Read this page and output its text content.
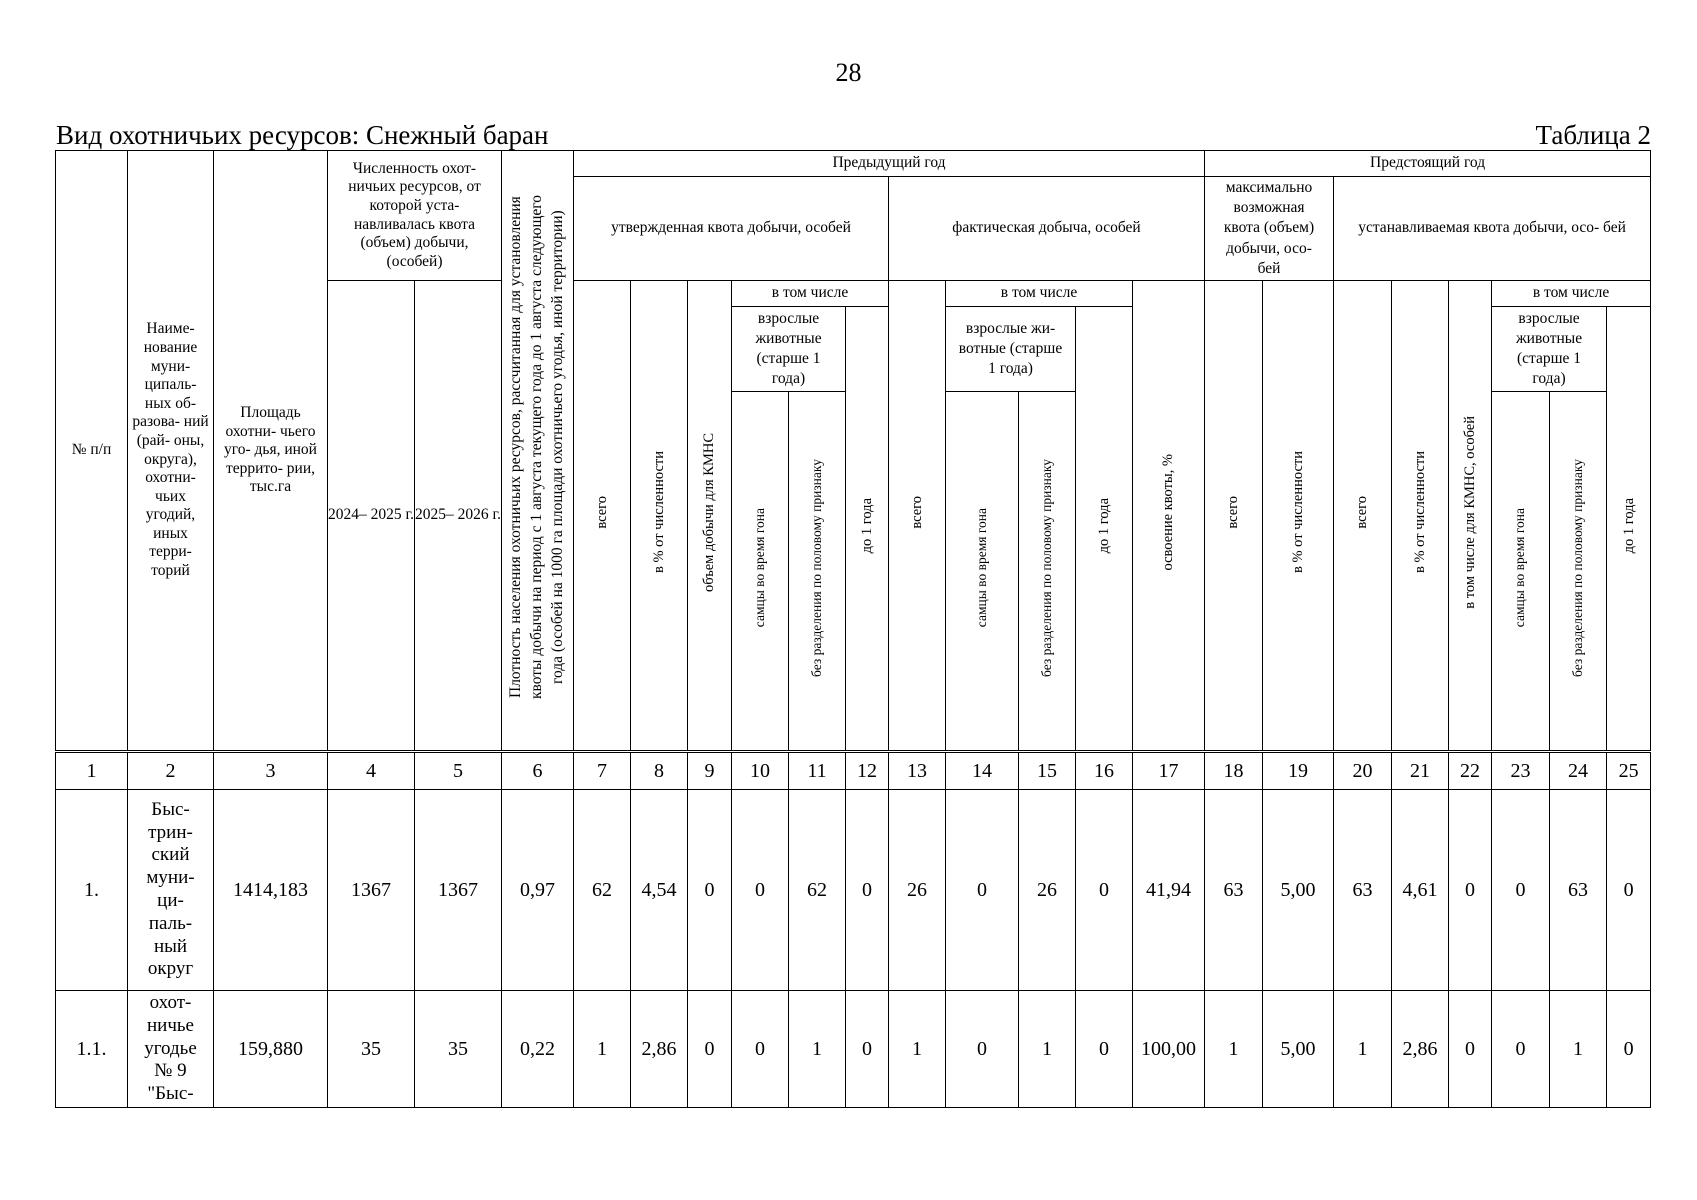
28
Вид охотничьих ресурсов: Снежный баран	Таблица 2
№ п/п	Наиме- нование муни- ципаль- ных об- разова- ний (рай- оны, округа), охотни- чьих угодий, иных терри- торий	Площадь охотни- чьего уго- дья, иной террито- рии, тыс.га	Численность охот- ничьих ресурсов, от которой уста- навливалась квота (объем) добычи, (особей)		Плотность населения охотничьих ресурсов, рассчитанная для установления квоты добычи на период с 1 августа текущего года до 1 августа следующего года (особей на 1000 га площади охотничьего угодья, иной территории)	Предыдущий год											Предстоящий год							
						утвержденная квота добычи, особей						фактическая добыча, особей					максимально возможная квота (объем) добычи, осо- бей		устанавливаемая квота добычи, осо- бей					
			2024– 2025 г.	2025– 2026 г.		всего	в % от численности	объем добычи для КМНС	в том числе			всего	в том числе			освоение квоты, %	всего	в % от численности	всего	в % от численности	в том числе для КМНС, особей	в том числе		
									взрослые животные (старше 1 года)		до 1 года		взрослые жи- вотные (старше 1 года)		до 1 года							взрослые животные (старше 1 года)		до 1 года
									самцы во время гона	без разделения по половому признаку			самцы во время гона	без разделения по половому признаку								самцы во время гона	без разделения по половому признаку	

1	2	3	4	5	6	7	8	9	10	11	12	13	14	15	16	17	18	19	20	21	22	23	24	25
1.	Быс- трин- ский муни- ци- паль- ный округ	1414,183	1367	1367	0,97	62	4,54	0	0	62	0	26	0	26	0	41,94	63	5,00	63	4,61	0	0	63	0
1.1.	охот- ничье угодье № 9 "Быс-	159,880	35	35	0,22	1	2,86	0	0	1	0	1	0	1	0	100,00	1	5,00	1	2,86	0	0	1	0
